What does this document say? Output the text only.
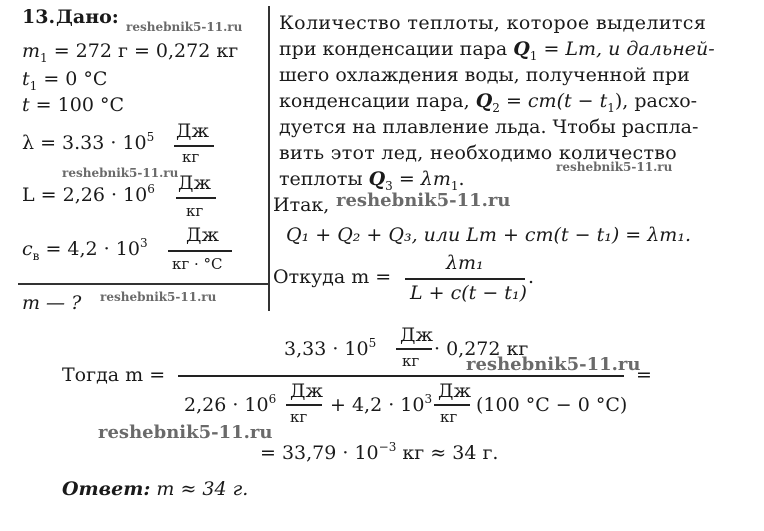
13. Дано: reshebnik5-11.ru
$m_1 = 272$ г = 0,272 кг
$t_1 = 0$ °C
t = 100 °C
$\lambda = 3.33 \cdot 10^5$ Дж
кг
reshebnik5-11.ru
$L = 2,26 \cdot 10^6$ Дж
кг
$c_в = 4,2 \cdot 10^3$ Дж
кг · °C
m — ? reshebnik5-11.ru
Количество теплоты, которое выделится
при конденсации пара $Q_1 = Lm$, и дальней-
шего охлаждения воды, полученной при
конденсации пара, $Q_2 = cm(t - t_1)$, расхо-
дуется на плавление льда. Чтобы распла-
вить этот лед, необходимо количество
теплоты $Q_3 = \lambda m_1$.
reshebnik5-11.ru
Итак, reshebnik5-11.ru
Q₁ + Q₂ + Q₃, или Lm + cm(t − t₁) = λm₁.
Откуда m =
λm₁
L + c(t − t₁)
.
Тогда m =
$3,33 \cdot 10^5$ Дж
кг
· 0,272 кг
=
reshebnik5-11.ru
$2,26 \cdot 10^6$ Дж
кг
+ $4,2 \cdot 10^3$ Дж
кг
(100 °C − 0 °C)
reshebnik5-11.ru
= $33,79 \cdot 10^{-3}$ кг ≈ 34 г.
Ответ: m ≈ 34 г.
